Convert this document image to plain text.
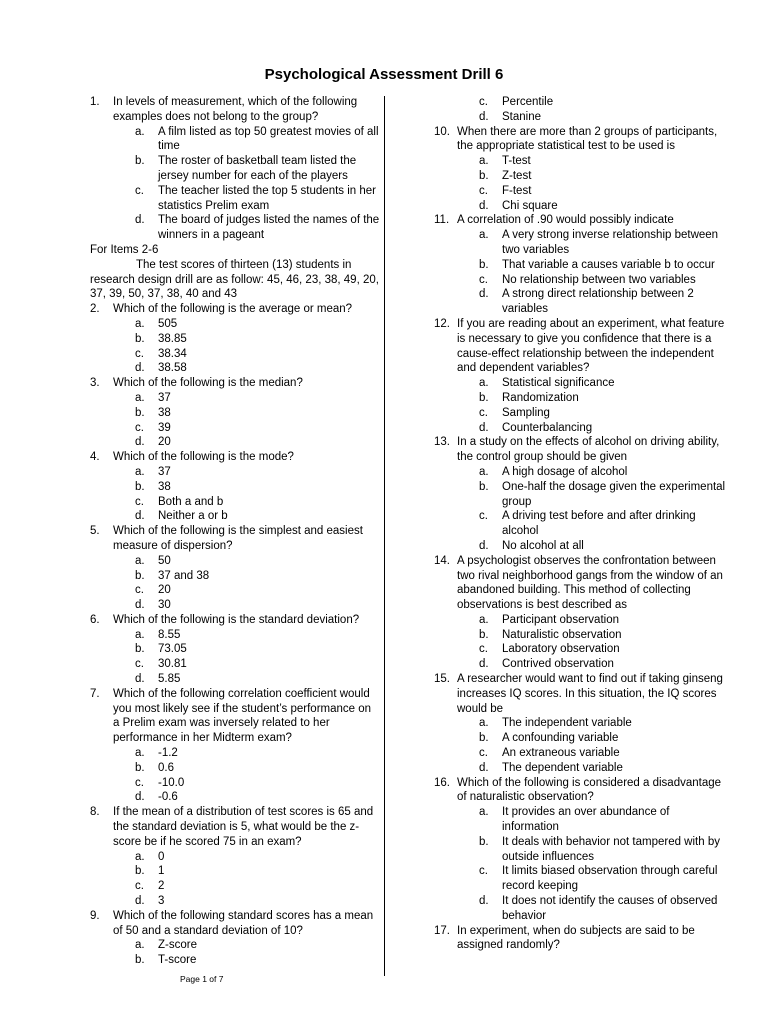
Psychological Assessment Drill 6
1.	In levels of measurement, which of the following examples does not belong to the group?
a. A film listed as top 50 greatest movies of all time
b. The roster of basketball team listed the jersey number for each of the players
c. The teacher listed the top 5 students in her statistics Prelim exam
d. The board of judges listed the names of the winners in a pageant
For Items 2-6
The test scores of thirteen (13) students in research design drill are as follow: 45, 46, 23, 38, 49, 20, 37, 39, 50, 37, 38, 40 and 43
2.	Which of the following is the average or mean?
a. 505
b. 38.85
c. 38.34
d. 38.58
3.	Which of the following is the median?
a. 37
b. 38
c. 39
d. 20
4.	Which of the following is the mode?
a. 37
b. 38
c. Both a and b
d. Neither a or b
5.	Which of the following is the simplest and easiest measure of dispersion?
a. 50
b. 37 and 38
c. 20
d. 30
6.	Which of the following is the standard deviation?
a. 8.55
b. 73.05
c. 30.81
d. 5.85
7.	Which of the following correlation coefficient would you most likely see if the student’s performance on a Prelim exam was inversely related to her performance in her Midterm exam?
a. -1.2
b. 0.6
c. -10.0
d. -0.6
8.	If the mean of a distribution of test scores is 65 and the standard deviation is 5, what would be the z-score be if he scored 75 in an exam?
a. 0
b. 1
c. 2
d. 3
9.	Which of the following standard scores has a mean of 50 and a standard deviation of 10?
a. Z-score
b. T-score
c. Percentile
d. Stanine
10. When there are more than 2 groups of participants, the appropriate statistical test to be used is
a. T-test
b. Z-test
c. F-test
d. Chi square
11. A correlation of .90 would possibly indicate
a. A very strong inverse relationship between two variables
b. That variable a causes variable b to occur
c. No relationship between two variables
d. A strong direct relationship between 2 variables
12. If you are reading about an experiment, what feature is necessary to give you confidence that there is a cause-effect relationship between the independent and dependent variables?
a. Statistical significance
b. Randomization
c. Sampling
d. Counterbalancing
13. In a study on the effects of alcohol on driving ability, the control group should be given
a. A high dosage of alcohol
b. One-half the dosage given the experimental group
c. A driving test before and after drinking alcohol
d. No alcohol at all
14. A psychologist observes the confrontation between two rival neighborhood gangs from the window of an abandoned building. This method of collecting observations is best described as
a. Participant observation
b. Naturalistic observation
c. Laboratory observation
d. Contrived observation
15. A researcher would want to find out if taking ginseng increases IQ scores. In this situation, the IQ scores would be
a. The independent variable
b. A confounding variable
c. An extraneous variable
d. The dependent variable
16. Which of the following is considered a disadvantage of naturalistic observation?
a. It provides an over abundance of information
b. It deals with behavior not tampered with by outside influences
c. It limits biased observation through careful record keeping
d. It does not identify the causes of observed behavior
17. In experiment, when do subjects are said to be assigned randomly?
Page 1 of 7
